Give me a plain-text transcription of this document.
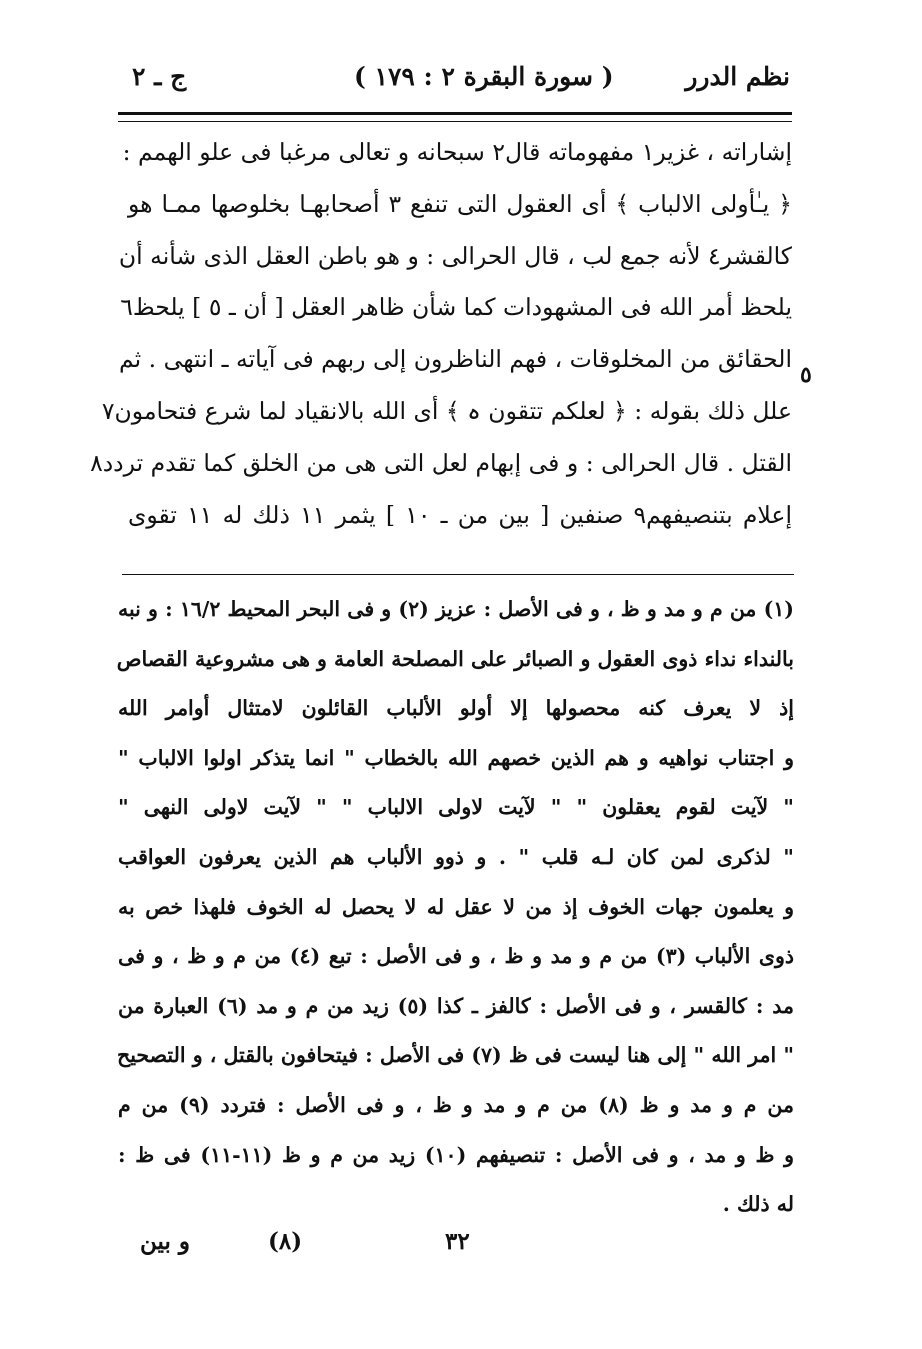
نظم الدرر
( سورة البقرة ٢ : ١٧٩ )
ج ـ ٢
إشاراته ، غزير١ مفهوماته قال٢ سبحانه و تعالى مرغبا فى علو الهمم :
﴿ يـٰأولى الالباب ﴾ أى العقول التى تنفع ٣ أصحابهـا بخلوصها ممـا هو
كالقشر٤ لأنه جمع لب ، قال الحرالى : و هو باطن العقل الذى شأنه أن
يلحظ أمر الله فى المشهودات كما شأن ظاهر العقل [ أن ـ ٥ ] يلحظ٦
الحقائق من المخلوقات ، فهم الناظرون إلى ربهم فى آياته ـ انتهى . ثم
علل ذلك بقوله : ﴿ لعلكم تتقون ہ ﴾ أى الله بالانقياد لما شرع فتحامون٧
القتل . قال الحرالى : و فى إبهام لعل التى هى من الخلق كما تقدم تردد٨
إعلام بتنصيفهم٩ صنفين [ بين من ـ ١٠ ] يثمر ١١ ذلك له ١١ تقوى
٥
(١) من م و مد و ظ ، و فى الأصل : عزيز (٢) و فى البحر المحيط ١٦/٢ : و نبه
بالنداء نداء ذوى العقول و الصبائر على المصلحة العامة و هى مشروعية القصاص
إذ لا يعرف كنه محصولها إلا أولو الألباب القائلون لامتثال أوامر الله
و اجتناب نواهيه و هم الذين خصهم الله بالخطاب " انما يتذكر اولوا الالباب "
" لآيت لقوم يعقلون " " لآيت لاولى الالباب " " لآيت لاولى النهى "
" لذكرى لمن كان لـه قلب " . و ذوو الألباب هم الذين يعرفون العواقب
و يعلمون جهات الخوف إذ من لا عقل له لا يحصل له الخوف فلهذا خص به
ذوى الألباب (٣) من م و مد و ظ ، و فى الأصل : تبع (٤) من م و ظ ، و فى
مد : كالقسر ، و فى الأصل : كالفز ـ كذا (٥) زيد من م و مد (٦) العبارة من
" امر الله " إلى هنا ليست فى ظ (٧) فى الأصل : فيتحافون بالقتل ، و التصحيح
من م و مد و ظ (٨) من م و مد و ظ ، و فى الأصل : فتردد (٩) من م
و ظ و مد ، و فى الأصل : تنصيفهم (١٠) زيد من م و ظ (١١-١١) فى ظ :
له ذلك .
٣٢
(٨)
و بين
